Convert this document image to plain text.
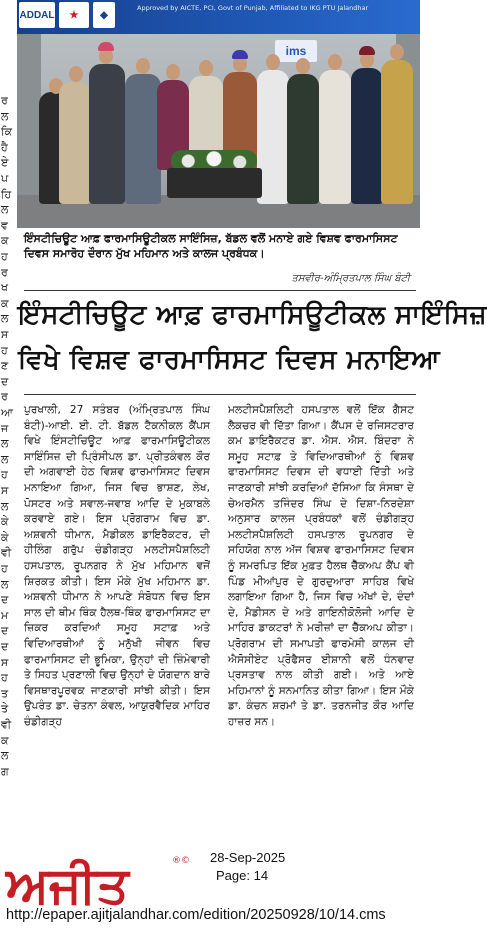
ਰ
ਲ
ਕਿ
ਹੈ
ਏ
ਪ
ਹਿ
ਲ
ਵ
ਕ
ਹ
ਰ
ਖ
ਕ
ਲ
ਸ
ਹ
ਣ
ਦ
ਰ
ਆ
ਜ
ਲ
ਲ
ਹ
ਸ
ਲ
ਕੇ
ਕੇ
ਵੀ
ਹ
ਲ
ਦ
ਮ
ਦ
ਦ
ਸ
ਹ
ਤ
ਤੇ
ਵੀ
ਕ
ਲ
ਗ
ADDAL	★	◆
Approved by AICTE, PCI, Govt of Punjab, Affiliated to IKG PTU Jalandhar
ims
ਇੰਸਟੀਚਿਊਟ ਆਫ਼ ਫਾਰਮਾਸਿਊਟੀਕਲ ਸਾਇੰਸਿਜ਼, ਬੱਡਲ ਵਲੋਂ ਮਨਾਏ ਗਏ ਵਿਸ਼ਵ ਫਾਰਮਾਸਿਸਟ ਦਿਵਸ ਸਮਾਰੋਹ ਦੌਰਾਨ ਮੁੱਖ ਮਹਿਮਾਨ ਅਤੇ ਕਾਲਜ ਪ੍ਰਬੰਧਕ।
ਤਸਵੀਰ-ਅੰਮ੍ਰਿਤਪਾਲ ਸਿੰਘ ਬੰਟੀ
ਇੰਸਟੀਚਿਊਟ ਆਫ਼ ਫਾਰਮਾਸਿਊਟੀਕਲ ਸਾਇੰਸਿਜ਼
ਵਿਖੇ ਵਿਸ਼ਵ ਫਾਰਮਾਸਿਸਟ ਦਿਵਸ ਮਨਾਇਆ
ਪੁਰਖਾਲੀ, 27 ਸਤੰਬਰ (ਅੰਮ੍ਰਿਤਪਾਲ ਸਿੰਘ ਬੰਟੀ)-ਆਈ. ਈ. ਟੀ. ਬੱਡਲ ਟੈਕਨੀਕਲ ਕੈਂਪਸ ਵਿਖੇ ਇੰਸਟੀਚਿਊਟ ਆਫ਼ ਫਾਰਮਾਸਿਊਟੀਕਲ ਸਾਇੰਸਿਜ਼ ਦੀ ਪ੍ਰਿੰਸੀਪਲ ਡਾ. ਪ੍ਰੀਤਕੰਵਲ ਕੌਰ ਦੀ ਅਗਵਾਈ ਹੇਠ ਵਿਸ਼ਵ ਫਾਰਮਾਸਿਸਟ ਦਿਵਸ ਮਨਾਇਆ ਗਿਆ, ਜਿਸ ਵਿਚ ਭਾਸ਼ਣ, ਲੇਖ, ਪੋਸਟਰ ਅਤੇ ਸਵਾਲ-ਜਵਾਬ ਆਦਿ ਦੇ ਮੁਕਾਬਲੇ ਕਰਵਾਏ ਗਏ। ਇਸ ਪ੍ਰੋਗਰਾਮ ਵਿਚ ਡਾ. ਅਸ਼ਵਨੀ ਧੀਮਾਨ, ਮੈਡੀਕਲ ਡਾਇਰੈਕਟਰ, ਦੀ ਹੀਲਿੰਗ ਗਰੁੱਪ ਚੰਡੀਗੜ੍ਹ ਮਲਟੀਸਪੈਸ਼ਲਿਟੀ ਹਸਪਤਾਲ, ਰੂਪਨਗਰ ਨੇ ਮੁੱਖ ਮਹਿਮਾਨ ਵਜੋਂ ਸ਼ਿਰਕਤ ਕੀਤੀ। ਇਸ ਮੌਕੇ ਮੁੱਖ ਮਹਿਮਾਨ ਡਾ. ਅਸ਼ਵਨੀ ਧੀਮਾਨ ਨੇ ਆਪਣੇ ਸੰਬੋਧਨ ਵਿਚ ਇਸ ਸਾਲ ਦੀ ਥੀਮ ਥਿੰਕ ਹੈਲਥ-ਥਿੰਕ ਫਾਰਮਾਸਿਸਟ ਦਾ ਜ਼ਿਕਰ ਕਰਦਿਆਂ ਸਮੂਹ ਸਟਾਫ਼ ਅਤੇ ਵਿਦਿਆਰਥੀਆਂ ਨੂੰ ਮਨੁੱਖੀ ਜੀਵਨ ਵਿਚ ਫਾਰਮਾਸਿਸਟ ਦੀ ਭੂਮਿਕਾ, ਉਨ੍ਹਾਂ ਦੀ ਜ਼ਿੰਮੇਵਾਰੀ ਤੇ ਸਿਹਤ ਪ੍ਰਣਾਲੀ ਵਿਚ ਉਨ੍ਹਾਂ ਦੇ ਯੋਗਦਾਨ ਬਾਰੇ ਵਿਸਥਾਰਪੂਰਵਕ ਜਾਣਕਾਰੀ ਸਾਂਝੀ ਕੀਤੀ। ਇਸ ਉਪਰੰਤ ਡਾ. ਚੇਤਨਾ ਕੰਵਲ, ਆਯੁਰਵੈਦਿਕ ਮਾਹਿਰ ਚੰਡੀਗੜ੍ਹ
ਮਲਟੀਸਪੈਸ਼ਲਿਟੀ ਹਸਪਤਾਲ ਵਲੋਂ ਇੱਕ ਗੈਸਟ ਲੈਕਚਰ ਵੀ ਦਿੱਤਾ ਗਿਆ। ਕੈਂਪਸ ਦੇ ਰਜਿਸਟਰਾਰ ਕਮ ਡਾਇਰੈਕਟਰ ਡਾ. ਐਸ. ਐਸ. ਬਿੰਦਰਾ ਨੇ ਸਮੂਹ ਸਟਾਫ਼ ਤੇ ਵਿਦਿਆਰਥੀਆਂ ਨੂੰ ਵਿਸ਼ਵ ਫਾਰਮਾਸਿਸਟ ਦਿਵਸ ਦੀ ਵਧਾਈ ਦਿੱਤੀ ਅਤੇ ਜਾਣਕਾਰੀ ਸਾਂਝੀ ਕਰਦਿਆਂ ਦੱਸਿਆ ਕਿ ਸੰਸਥਾ ਦੇ ਚੇਅਰਮੈਨ ਤਜਿੰਦਰ ਸਿੰਘ ਦੇ ਦਿਸ਼ਾ-ਨਿਰਦੇਸ਼ਾ ਅਨੁਸਾਰ ਕਾਲਜ ਪ੍ਰਬੰਧਕਾਂ ਵਲੋਂ ਚੰਡੀਗੜ੍ਹ ਮਲਟੀਸਪੈਸ਼ਲਿਟੀ ਹਸਪਤਾਲ ਰੂਪਨਗਰ ਦੇ ਸਹਿਯੋਗ ਨਾਲ ਅੱਜ ਵਿਸ਼ਵ ਫਾਰਮਾਸਿਸਟ ਦਿਵਸ ਨੂੰ ਸਮਰਪਿਤ ਇੱਕ ਮੁਫ਼ਤ ਹੈਲਥ ਚੈੱਕਅਪ ਕੈਂਪ ਵੀ ਪਿੰਡ ਮੀਆਂਪੁਰ ਦੇ ਗੁਰਦੁਆਰਾ ਸਾਹਿਬ ਵਿਖੇ ਲਗਾਇਆ ਗਿਆ ਹੈ, ਜਿਸ ਵਿਚ ਅੱਖਾਂ ਦੇ, ਦੰਦਾਂ ਦੇ, ਮੈਡੀਸਨ ਦੇ ਅਤੇ ਗਾਇਨੀਕੋਲੋਜੀ ਆਦਿ ਦੇ ਮਾਹਿਰ ਡਾਕਟਰਾਂ ਨੇ ਮਰੀਜ਼ਾਂ ਦਾ ਚੈੱਕਅਪ ਕੀਤਾ। ਪ੍ਰੋਗਰਾਮ ਦੀ ਸਮਾਪਤੀ ਫਾਰਮੇਸੀ ਕਾਲਜ ਦੀ ਐਸੋਸੀਏਟ ਪ੍ਰੋਫੈਸਰ ਈਸ਼ਾਨੀ ਵਲੋਂ ਧੰਨਵਾਦ ਪ੍ਰਸਤਾਵ ਨਾਲ ਕੀਤੀ ਗਈ। ਅਤੇ ਆਏ ਮਹਿਮਾਨਾਂ ਨੂੰ ਸਨਮਾਨਿਤ ਕੀਤਾ ਗਿਆ। ਇਸ ਮੌਕੇ ਡਾ. ਕੰਚਨ ਸ਼ਰਮਾਂ ਤੇ ਡਾ. ਤਰਨਜੀਤ ਕੌਰ ਆਦਿ ਹਾਜ਼ਰ ਸਨ।
ਅਜੀਤ	®© 28-Sep-2025
Page: 14
http://epaper.ajitjalandhar.com/edition/20250928/10/14.cms
